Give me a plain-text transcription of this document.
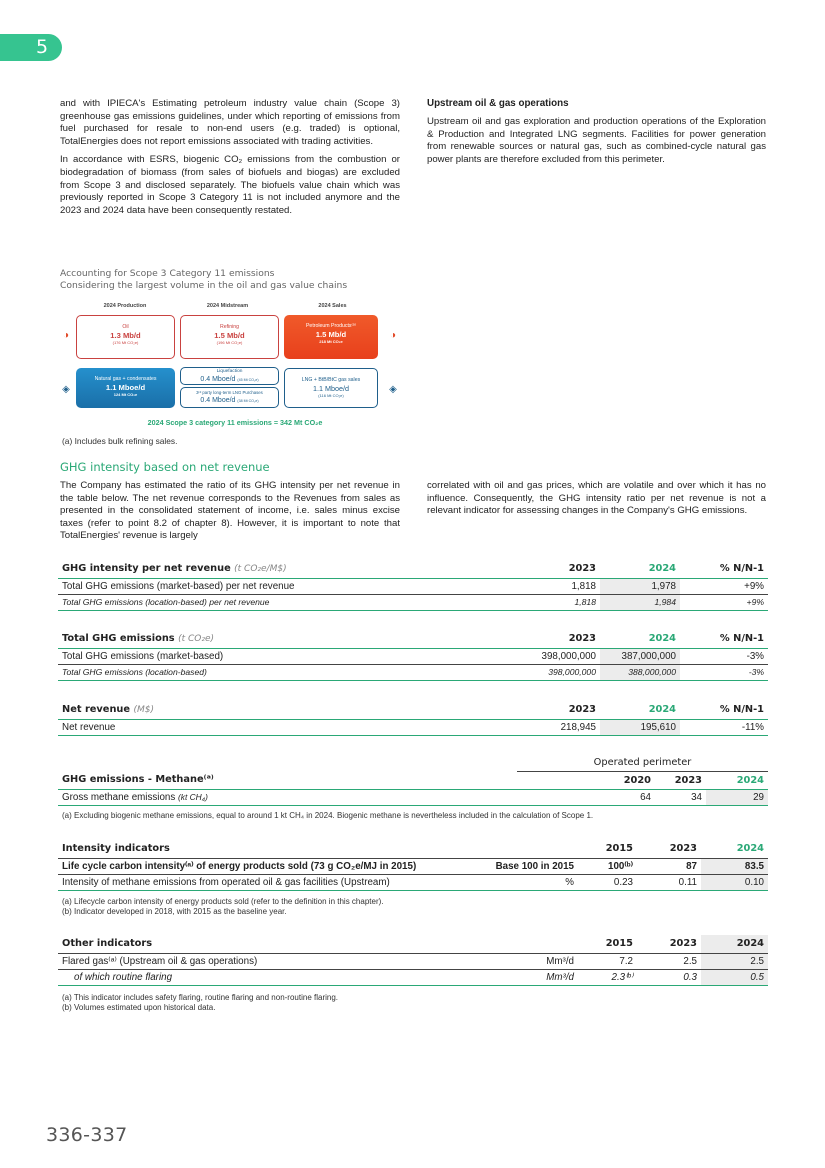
5

and with IPIECA's Estimating petroleum industry value chain (Scope 3) greenhouse gas emissions guidelines, under which reporting of emissions from fuel purchased for resale to non-end users (e.g. traded) is optional, TotalEnergies does not report emissions associated with trading activities.

In accordance with ESRS, biogenic CO₂ emissions from the combustion or biodegradation of biomass (from sales of biofuels and biogas) are excluded from Scope 3 and disclosed separately. The biofuels value chain which was previously reported in Scope 3 Category 11 is not included anymore and the 2023 and 2024 data have been consequently restated.

Upstream oil & gas operations

Upstream oil and gas exploration and production operations of the Exploration & Production and Integrated LNG segments. Facilities for power generation from renewable sources or natural gas, such as combined-cycle natural gas power plants are therefore excluded from this perimeter.

Accounting for Scope 3 Category 11 emissions
Considering the largest volume in the oil and gas value chains
2024 Production	2024 Midstream	2024 Sales
◑	◑
◈	◈
Oil
1.3 Mb/d
(176 Mt CO₂e)
Refining
1.5 Mb/d
(196 Mt CO₂e)
Petroleum Products⁽ᵃ⁾
1.5 Mb/d
218 Mt CO₂e
Natural gas + condensates
1.1 Mboe/d
124 Mt CO₂e
Liquefaction
0.4 Mboe/d (45 Mt CO₂e)
3ʳᵈ party long-term LNG Purchases
0.4 Mboe/d (38 Mt CO₂e)
LNG + BtB/BtC gas sales
1.1 Mboe/d
(116 Mt CO₂e)
2024 Scope 3 category 11 emissions = 342 Mt CO₂e
(a) Includes bulk refining sales.
GHG intensity based on net revenue
The Company has estimated the ratio of its GHG intensity per net revenue in the table below. The net revenue corresponds to the Revenues from sales as presented in the consolidated statement of income, i.e. sales minus excise taxes (refer to point 8.2 of chapter 8). However, it is important to note that TotalEnergies' revenue is largely
correlated with oil and gas prices, which are volatile and over which it has no influence. Consequently, the GHG intensity ratio per net revenue is not a relevant indicator for assessing changes in the Company's GHG emissions.
GHG intensity per net revenue (t CO₂e/M$)	2023	2024	% N/N-1
Total GHG emissions (market-based) per net revenue	1,818	1,978	+9%
Total GHG emissions (location-based) per net revenue	1,818	1,984	+9%
Total GHG emissions (t CO₂e)	2023	2024	% N/N-1
Total GHG emissions (market-based)	398,000,000	387,000,000	-3%
Total GHG emissions (location-based)	398,000,000	388,000,000	-3%
Net revenue (M$)	2023	2024	% N/N-1
Net revenue	218,945	195,610	-11%
	Operated perimeter		
GHG emissions - Methane⁽ᵃ⁾	2020	2023	2024
Gross methane emissions (kt CH₄)	64	34	29
(a) Excluding biogenic methane emissions, equal to around 1 kt CH₄ in 2024. Biogenic methane is nevertheless included in the calculation of Scope 1.
Intensity indicators		2015	2023	2024
Life cycle carbon intensity⁽ᵃ⁾ of energy products sold (73 g CO₂e/MJ in 2015)	Base 100 in 2015	100⁽ᵇ⁾	87	83.5
Intensity of methane emissions from operated oil & gas facilities (Upstream)	%	0.23	0.11	0.10
(a) Lifecycle carbon intensity of energy products sold (refer to the definition in this chapter).
(b) Indicator developed in 2018, with 2015 as the baseline year.
Other indicators		2015	2023	2024
Flared gas⁽ᵃ⁾ (Upstream oil & gas operations)	Mm³/d	7.2	2.5	2.5
of which routine flaring	Mm³/d	2.3⁽ᵇ⁾	0.3	0.5
(a) This indicator includes safety flaring, routine flaring and non-routine flaring.
(b) Volumes estimated upon historical data.
336-337
